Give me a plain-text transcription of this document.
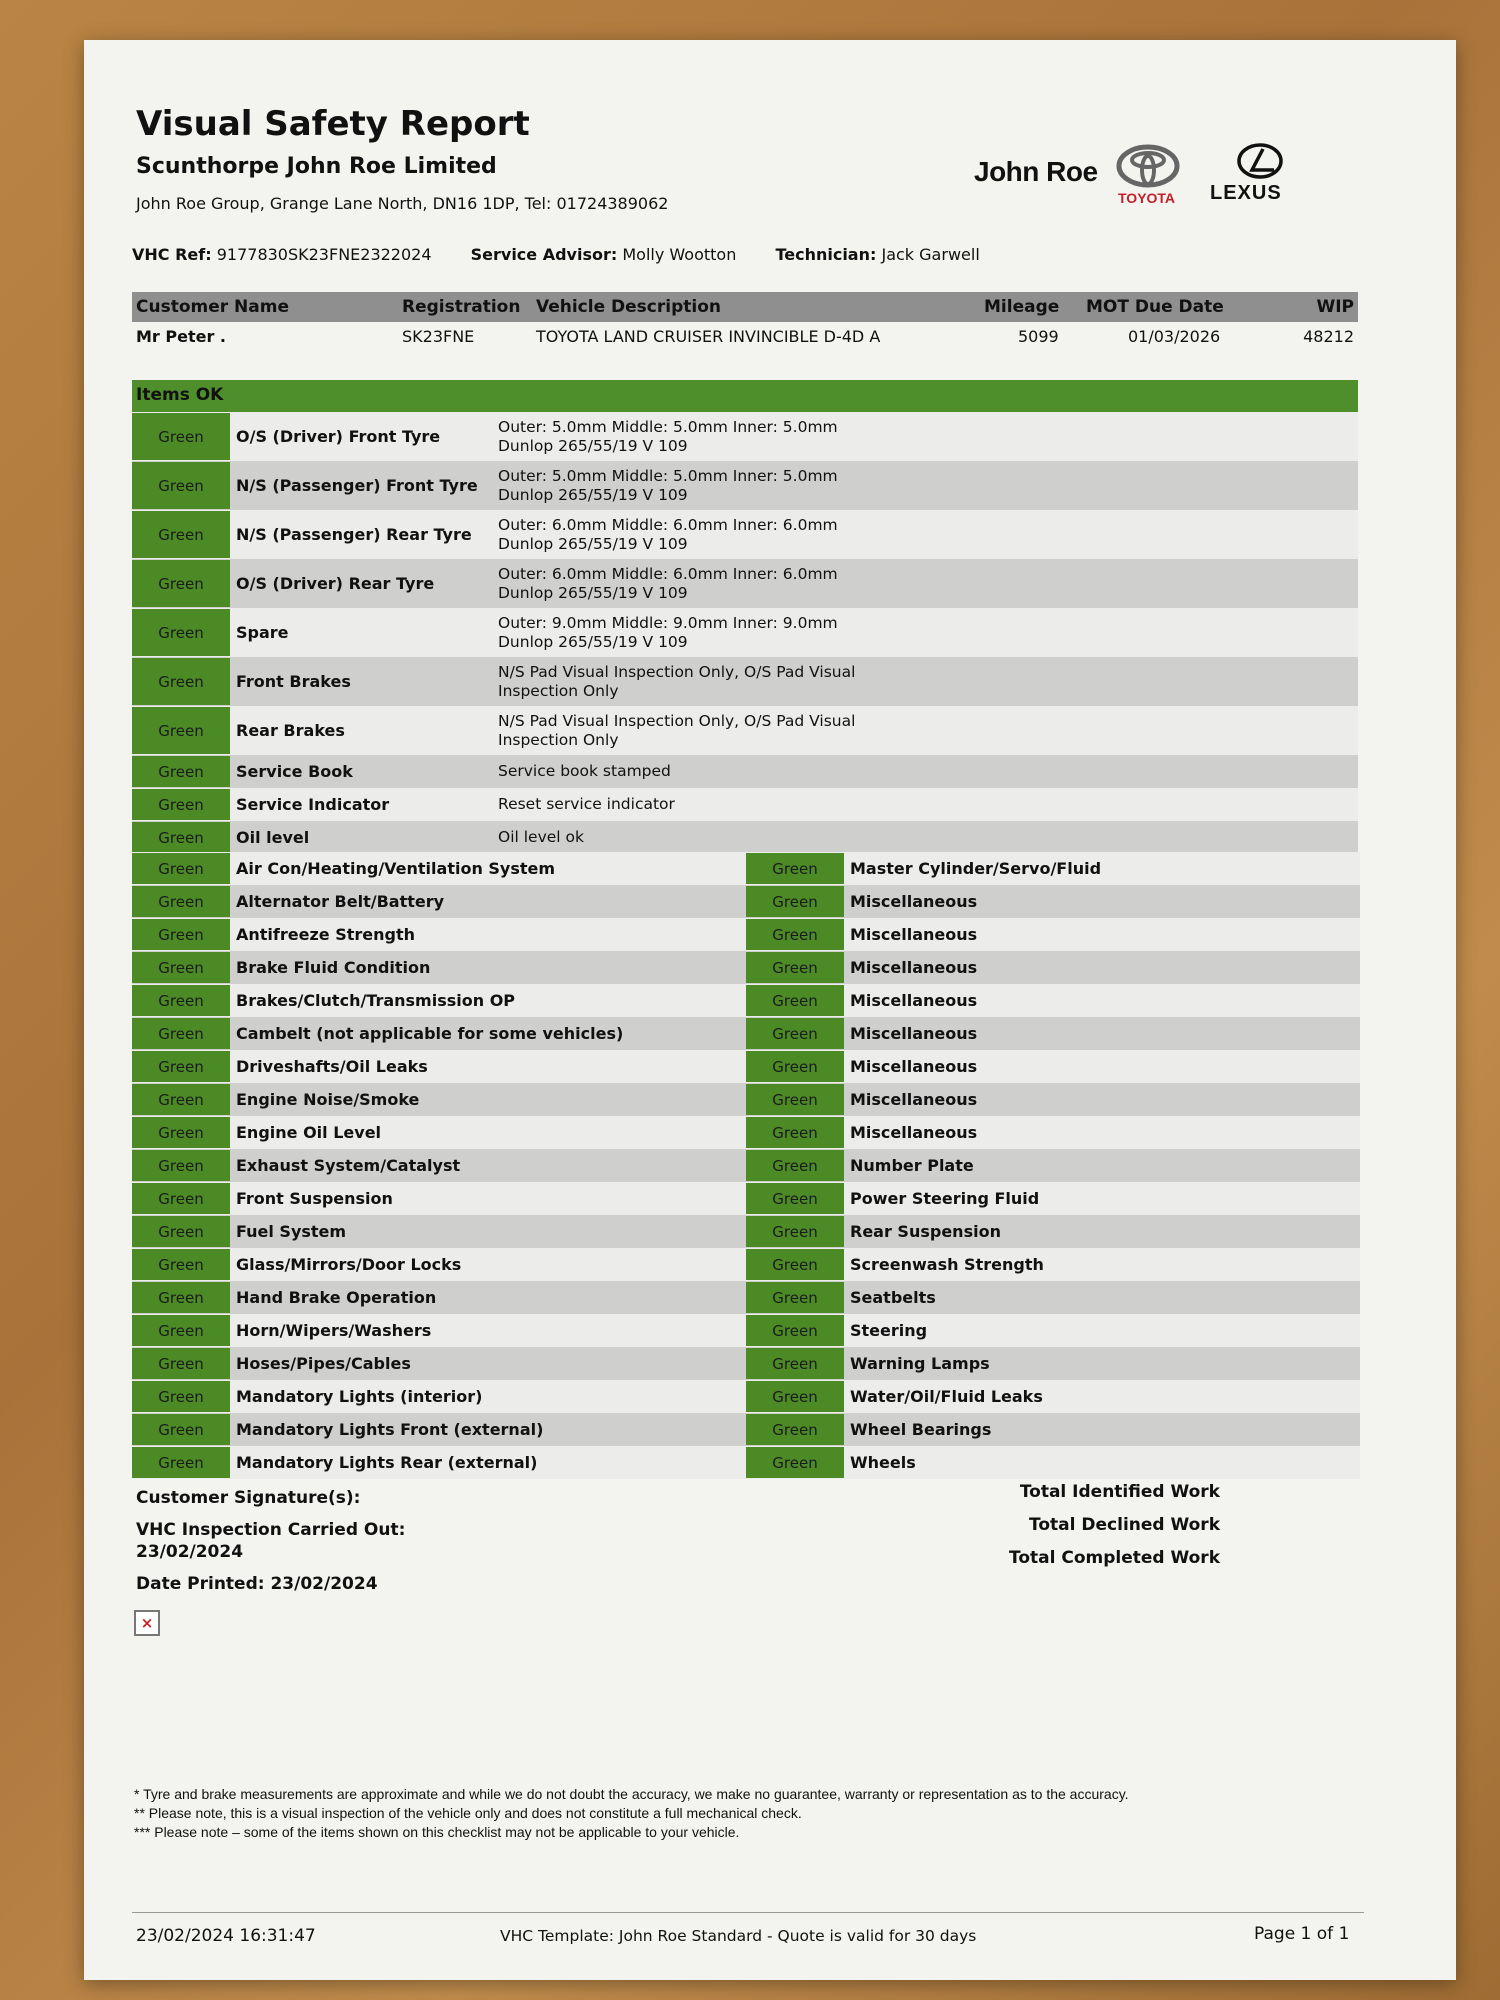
Visual Safety Report
Scunthorpe John Roe Limited
John Roe Group, Grange Lane North, DN16 1DP, Tel: 01724389062
John Roe
TOYOTA LEXUS
VHC Ref: 9177830SK23FNE2322024 Service Advisor: Molly Wootton Technician: Jack Garwell
Customer Name	Registration Vehicle Description	Mileage MOT Due Date	WIP
Mr Peter .	SK23FNE	TOYOTA LAND CRUISER INVINCIBLE D-4D A	5099	01/03/2026	48212
Items OK
Green	O/S (Driver) Front Tyre
Outer: 5.0mm Middle: 5.0mm Inner: 5.0mm
Dunlop 265/55/19 V 109
Green	N/S (Passenger) Front Tyre
Outer: 5.0mm Middle: 5.0mm Inner: 5.0mm
Dunlop 265/55/19 V 109
Green	N/S (Passenger) Rear Tyre
Outer: 6.0mm Middle: 6.0mm Inner: 6.0mm
Dunlop 265/55/19 V 109
Green	O/S (Driver) Rear Tyre
Outer: 6.0mm Middle: 6.0mm Inner: 6.0mm
Dunlop 265/55/19 V 109
Green	Spare
Outer: 9.0mm Middle: 9.0mm Inner: 9.0mm
Dunlop 265/55/19 V 109
Green	Front Brakes
N/S Pad Visual Inspection Only, O/S Pad Visual
Inspection Only
Green	Rear Brakes
N/S Pad Visual Inspection Only, O/S Pad Visual
Inspection Only
Green	Service Book	Service book stamped
Green	Service Indicator	Reset service indicator
Green	Oil level	Oil level ok
Green	Air Con/Heating/Ventilation System	Green	Master Cylinder/Servo/Fluid
Green	Alternator Belt/Battery	Green	Miscellaneous
Green	Antifreeze Strength	Green	Miscellaneous
Green	Brake Fluid Condition	Green	Miscellaneous
Green	Brakes/Clutch/Transmission OP	Green	Miscellaneous
Green	Cambelt (not applicable for some vehicles)	Green	Miscellaneous
Green	Driveshafts/Oil Leaks	Green	Miscellaneous
Green	Engine Noise/Smoke	Green	Miscellaneous
Green	Engine Oil Level	Green	Miscellaneous
Green	Exhaust System/Catalyst	Green	Number Plate
Green	Front Suspension	Green	Power Steering Fluid
Green	Fuel System	Green	Rear Suspension
Green	Glass/Mirrors/Door Locks	Green	Screenwash Strength
Green	Hand Brake Operation	Green	Seatbelts
Green	Horn/Wipers/Washers	Green	Steering
Green	Hoses/Pipes/Cables	Green	Warning Lamps
Green	Mandatory Lights (interior)	Green	Water/Oil/Fluid Leaks
Green	Mandatory Lights Front (external)	Green	Wheel Bearings
Green	Mandatory Lights Rear (external)	Green	Wheels
Customer Signature(s):
VHC Inspection Carried Out:
23/02/2024
Date Printed: 23/02/2024
×
Total Identified Work
Total Declined Work
Total Completed Work
* Tyre and brake measurements are approximate and while we do not doubt the accuracy, we make no guarantee, warranty or representation as to the accuracy.
** Please note, this is a visual inspection of the vehicle only and does not constitute a full mechanical check.
*** Please note – some of the items shown on this checklist may not be applicable to your vehicle.
23/02/2024 16:31:47	VHC Template: John Roe Standard - Quote is valid for 30 days	Page 1 of 1
